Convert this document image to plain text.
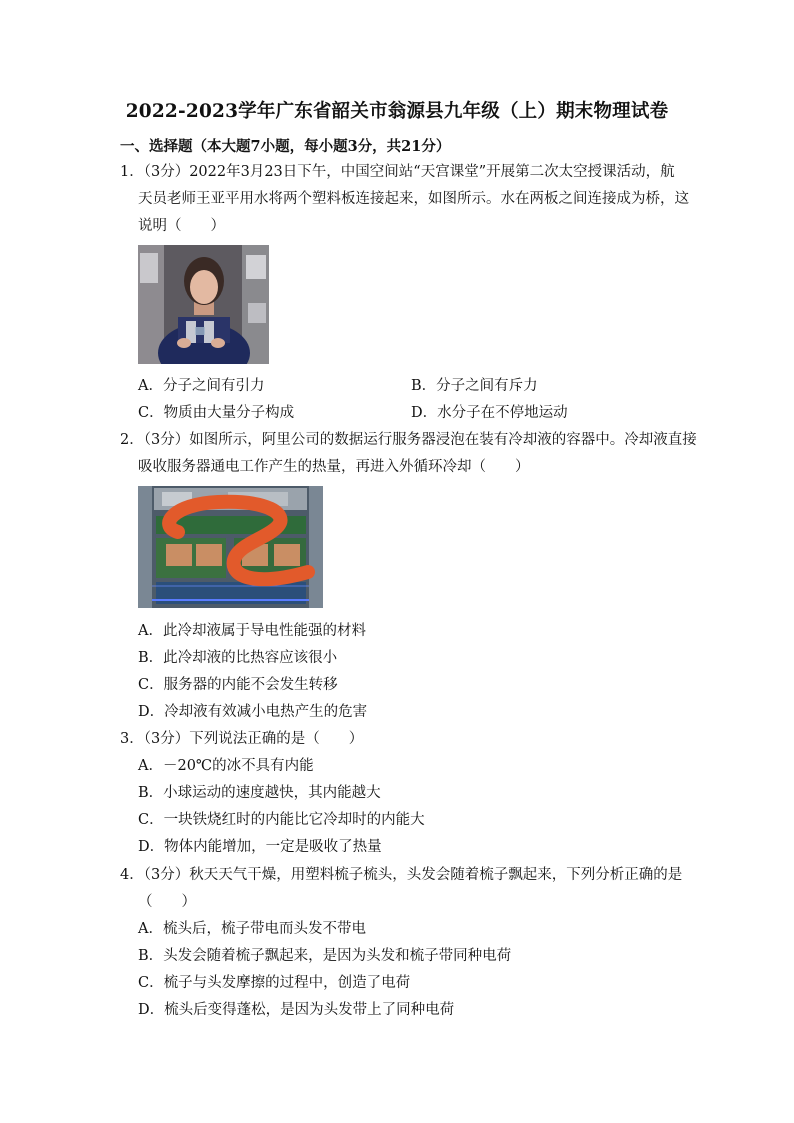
2022-2023学年广东省韶关市翁源县九年级（上）期末物理试卷
一、选择题（本大题7小题，每小题3分，共21分）
1．（3分）2022年3月23日下午，中国空间站“天宫课堂”开展第二次太空授课活动，航
天员老师王亚平用水将两个塑料板连接起来，如图所示。水在两板之间连接成为桥，这
说明（　　）
A．分子之间有引力	B．分子之间有斥力
C．物质由大量分子构成	D．水分子在不停地运动
2．（3分）如图所示，阿里公司的数据运行服务器浸泡在装有冷却液的容器中。冷却液直接
吸收服务器通电工作产生的热量，再进入外循环冷却（　　）
A．此冷却液属于导电性能强的材料
B．此冷却液的比热容应该很小
C．服务器的内能不会发生转移
D．冷却液有效减小电热产生的危害
3．（3分）下列说法正确的是（　　）
A．－20℃的冰不具有内能
B．小球运动的速度越快，其内能越大
C．一块铁烧红时的内能比它冷却时的内能大
D．物体内能增加，一定是吸收了热量
4．（3分）秋天天气干燥，用塑料梳子梳头，头发会随着梳子飘起来，下列分析正确的是
（　　）
A．梳头后，梳子带电而头发不带电
B．头发会随着梳子飘起来，是因为头发和梳子带同种电荷
C．梳子与头发摩擦的过程中，创造了电荷
D．梳头后变得蓬松，是因为头发带上了同种电荷
